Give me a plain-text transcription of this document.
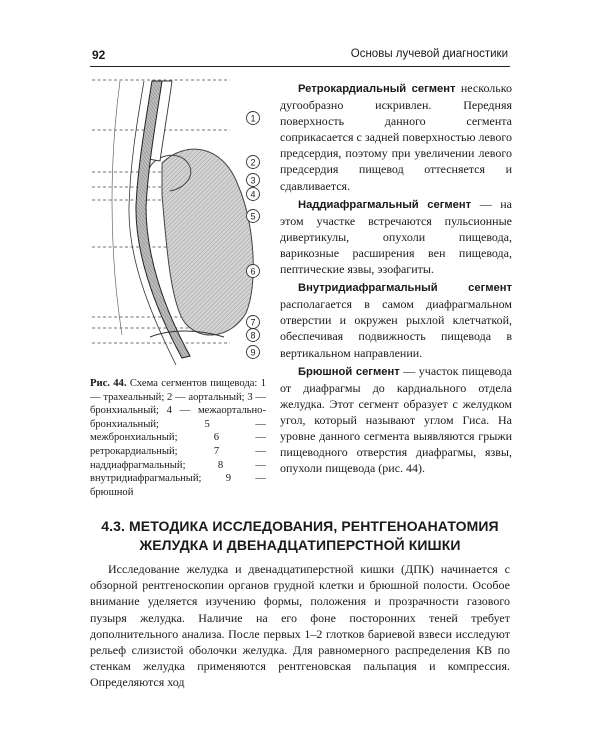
92	Основы лучевой диагностики
1
2
3
4
5
6
7
8
9
Рис. 44. Схема сегментов пищевода: 1 — трахеальный; 2 — аортальный; 3 — бронхиальный; 4 — межаортально-бронхиальный; 5 — межбронхиальный; 6 — ретрокардиальный; 7 — наддиафрагмальный; 8 — внутридиафрагмальный; 9 — брюшной

Ретрокардиальный сегмент несколько дугообразно искривлен. Передняя поверхность данного сегмента соприкасается с задней поверхностью левого предсердия, поэтому при увеличении левого предсердия пищевод оттесняется и сдавливается.

Наддиафрагмальный сегмент — на этом участке встречаются пульсионные дивертикулы, опухоли пищевода, варикозные расширения вен пищевода, пептические язвы, эзофагиты.

Внутридиафрагмальный сегмент располагается в самом диафрагмальном отверстии и окружен рыхлой клетчаткой, обеспечивая подвижность пищевода в вертикальном направлении.

Брюшной сегмент — участок пищевода от диафрагмы до кардиального отдела желудка. Этот сегмент образует с желудком угол, который называют углом Гиса. На уровне данного сегмента выявляются грыжи пищеводного отверстия диафрагмы, язвы, опухоли пищевода (рис. 44).

4.3. МЕТОДИКА ИССЛЕДОВАНИЯ, РЕНТГЕНОАНАТОМИЯ
ЖЕЛУДКА И ДВЕНАДЦАТИПЕРСТНОЙ КИШКИ

Исследование желудка и двенадцатиперстной кишки (ДПК) начинается с обзорной рентгеноскопии органов грудной клетки и брюшной полости. Особое внимание уделяется изучению формы, положения и прозрачности газового пузыря желудка. Наличие на его фоне посторонних теней требует дополнительного анализа. После первых 1–2 глотков бариевой взвеси исследуют рельеф слизистой оболочки желудка. Для равномерного распределения КВ по стенкам желудка применяются рентгеновская пальпация и компрессия. Определяются ход
